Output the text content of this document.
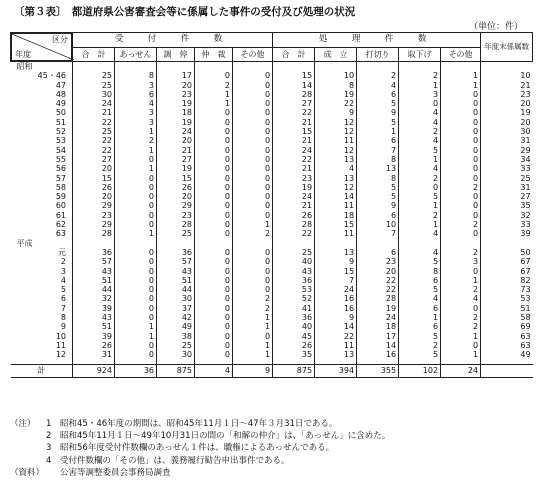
〔第３表〕　都道府県公害審査会等に係属した事件の受付及び処理の状況
（単位：件）
区分
年度	受　付　件　数					処　理　件　数					年度末係属数
	合　計	あっせん	調　停	仲　裁	その他	合　計	成　立	打切り	取下げ	その他	
昭和											
45・46	25	8	17	0	0	15	10	2	2	1	10
47	25	3	20	2	0	14	8	4	1	1	21
48	30	6	23	1	0	28	19	6	3	0	23
49	24	4	19	1	0	27	22	5	0	0	20
50	21	3	18	0	0	22	9	9	4	0	19
51	22	3	19	0	0	21	12	5	4	0	20
52	25	1	24	0	0	15	12	1	2	0	30
53	22	2	20	0	0	21	11	6	4	0	31
54	22	1	21	0	0	24	12	7	5	0	29
55	27	0	27	0	0	22	13	8	1	0	34
56	20	1	19	0	0	21	4	13	4	0	33
57	15	0	15	0	0	23	13	8	2	0	25
58	26	0	26	0	0	19	12	5	0	2	31
59	20	0	20	0	0	24	14	5	5	0	27
60	29	0	29	0	0	21	11	9	1	0	35
61	23	0	23	0	0	26	18	6	2	0	32
62	29	0	28	0	1	28	15	10	1	2	33
63	28	1	25	0	2	22	11	7	4	0	39
平成											
元	36	0	36	0	0	25	13	6	4	2	50
2	57	0	57	0	0	40	9	23	5	3	67
3	43	0	43	0	0	43	15	20	8	0	67
4	51	0	51	0	0	36	7	22	6	1	82
5	44	0	44	0	0	53	24	22	5	2	73
6	32	0	30	0	2	52	16	28	4	4	53
7	39	0	37	0	2	41	16	19	6	0	51
8	43	0	42	0	1	36	9	24	1	2	58
9	51	1	49	0	1	40	14	18	6	2	69
10	39	1	38	0	0	45	22	17	5	1	63
11	26	0	25	0	1	26	11	14	2	0	63
12	31	0	30	0	1	35	13	16	5	1	49

計	924	36	875	4	9	875	394	355	102	24	
（注）	1	昭和45・46年度の期間は、昭和45年11月１日〜47年３月31日である。
2	昭和45年11月１日〜49年10月31日の間の「和解の仲介」は、「あっせん」に含めた。
3	昭和56年度受付件数欄のあっせん１件は、職権によるあっせんである。
4	受付件数欄の「その他」は、義務履行勧告申出事件である。
（資料） 公害等調整委員会事務局調査
